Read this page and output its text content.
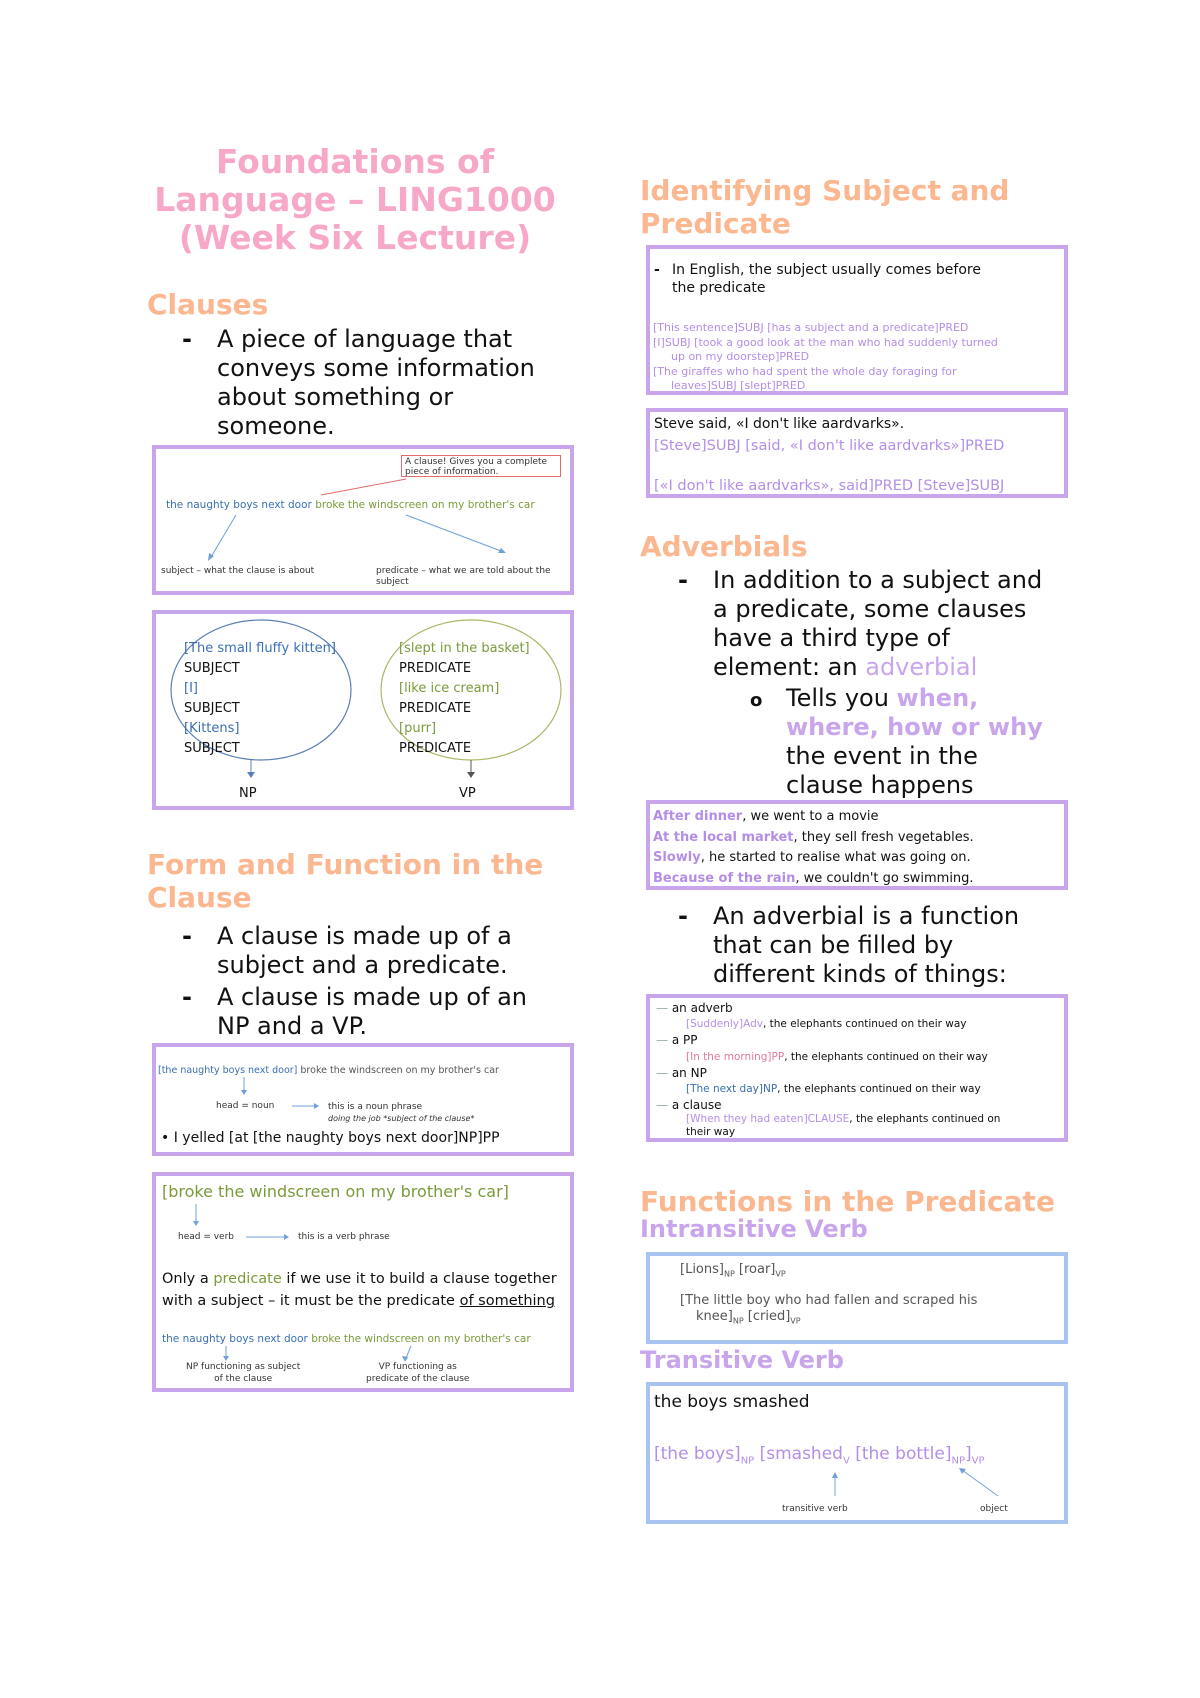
Foundations of
Language – LING1000
(Week Six Lecture)
Clauses
- A piece of language that
conveys some information
about something or
someone.
A clause! Gives you a complete
piece of information.
the naughty boys next door broke the windscreen on my brother's car
subject – what the clause is about	predicate – what we are told about the
subject
[The small fluffy kitten]
SUBJECT
[I]
SUBJECT
[Kittens]
SUBJECT
[slept in the basket]
PREDICATE
[like ice cream]
PREDICATE
[purr]
PREDICATE
NP	VP
Form and Function in the
Clause
- A clause is made up of a
subject and a predicate.
- A clause is made up of an
NP and a VP.
[the naughty boys next door] broke the windscreen on my brother's car
head = noun	this is a noun phrase
doing the job *subject of the clause*
• I yelled [at [the naughty boys next door]NP]PP
[broke the windscreen on my brother's car]
head = verb	this is a verb phrase
Only a predicate if we use it to build a clause together
with a subject – it must be the predicate of something
the naughty boys next door broke the windscreen on my brother's car
NP functioning as subject
of the clause
VP functioning as
predicate of the clause
Identifying Subject and
Predicate
- In English, the subject usually comes before
the predicate
[This sentence]SUBJ [has a subject and a predicate]PRED
[I]SUBJ [took a good look at the man who had suddenly turned
up on my doorstep]PRED
[The giraffes who had spent the whole day foraging for
leaves]SUBJ [slept]PRED
Steve said, «I don't like aardvarks».
[Steve]SUBJ [said, «I don't like aardvarks»]PRED
[«I don't like aardvarks», said]PRED [Steve]SUBJ
Adverbials
- In addition to a subject and
a predicate, some clauses
have a third type of
element: an adverbial
o Tells you when,
where, how or why
the event in the
clause happens
After dinner, we went to a movie
At the local market, they sell fresh vegetables.
Slowly, he started to realise what was going on.
Because of the rain, we couldn't go swimming.
- An adverbial is a function
that can be filled by
different kinds of things:
— an adverb
[Suddenly]Adv, the elephants continued on their way
— a PP
[In the morning]PP, the elephants continued on their way
— an NP
[The next day]NP, the elephants continued on their way
— a clause
[When they had eaten]CLAUSE, the elephants continued on
their way
Functions in the Predicate
Intransitive Verb
$[Lions]_{NP}$ $[roar]_{VP}$
[The little boy who had fallen and scraped his
$knee]_{NP}$ $[cried]_{VP}$
Transitive Verb
the boys smashed
[the $boys]_{NP}$ [smashed$_V$ [the $bottle]_{NP}]_{VP}$
transitive verb	object
